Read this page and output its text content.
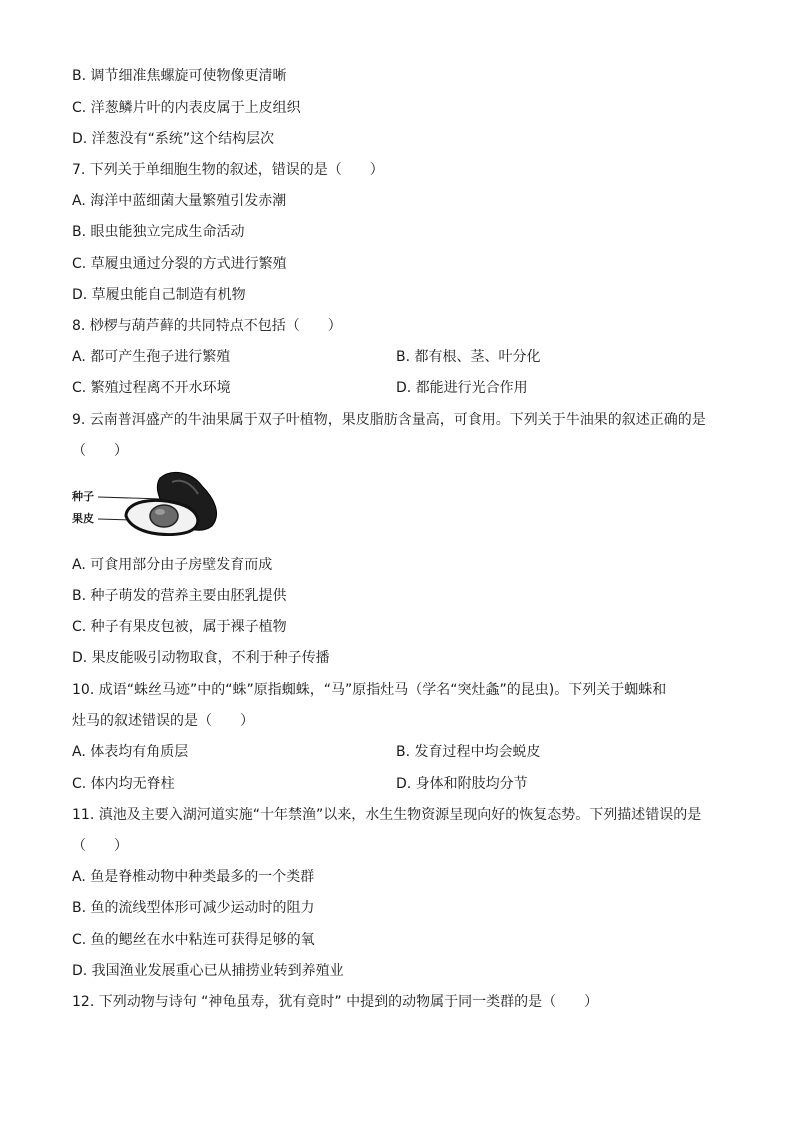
B. 调节细准焦螺旋可使物像更清晰
C. 洋葱鳞片叶的内表皮属于上皮组织
D. 洋葱没有“系统”这个结构层次
7. 下列关于单细胞生物的叙述，错误的是（　　）
A. 海洋中蓝细菌大量繁殖引发赤潮
B. 眼虫能独立完成生命活动
C. 草履虫通过分裂的方式进行繁殖
D. 草履虫能自己制造有机物
8. 桫椤与葫芦藓的共同特点不包括（　　）
A. 都可产生孢子进行繁殖	B. 都有根、茎、叶分化
C. 繁殖过程离不开水环境	D. 都能进行光合作用
9. 云南普洱盛产的牛油果属于双子叶植物，果皮脂肪含量高，可食用。下列关于牛油果的叙述正确的是
（　　）
种子
果皮
A. 可食用部分由子房壁发育而成
B. 种子萌发的营养主要由胚乳提供
C. 种子有果皮包被，属于裸子植物
D. 果皮能吸引动物取食，不利于种子传播
10. 成语“蛛丝马迹”中的“蛛”原指蜘蛛，“马”原指灶马（学名“突灶螽”的昆虫)。下列关于蜘蛛和
灶马的叙述错误的是（　　）
A. 体表均有角质层	B. 发育过程中均会蜕皮
C. 体内均无脊柱	D. 身体和附肢均分节
11. 滇池及主要入湖河道实施“十年禁渔”以来，水生生物资源呈现向好的恢复态势。下列描述错误的是
（　　）
A. 鱼是脊椎动物中种类最多的一个类群
B. 鱼的流线型体形可减少运动时的阻力
C. 鱼的鳃丝在水中粘连可获得足够的氧
D. 我国渔业发展重心已从捕捞业转到养殖业
12. 下列动物与诗句 “神龟虽寿，犹有竟时” 中提到的动物属于同一类群的是（　　）
